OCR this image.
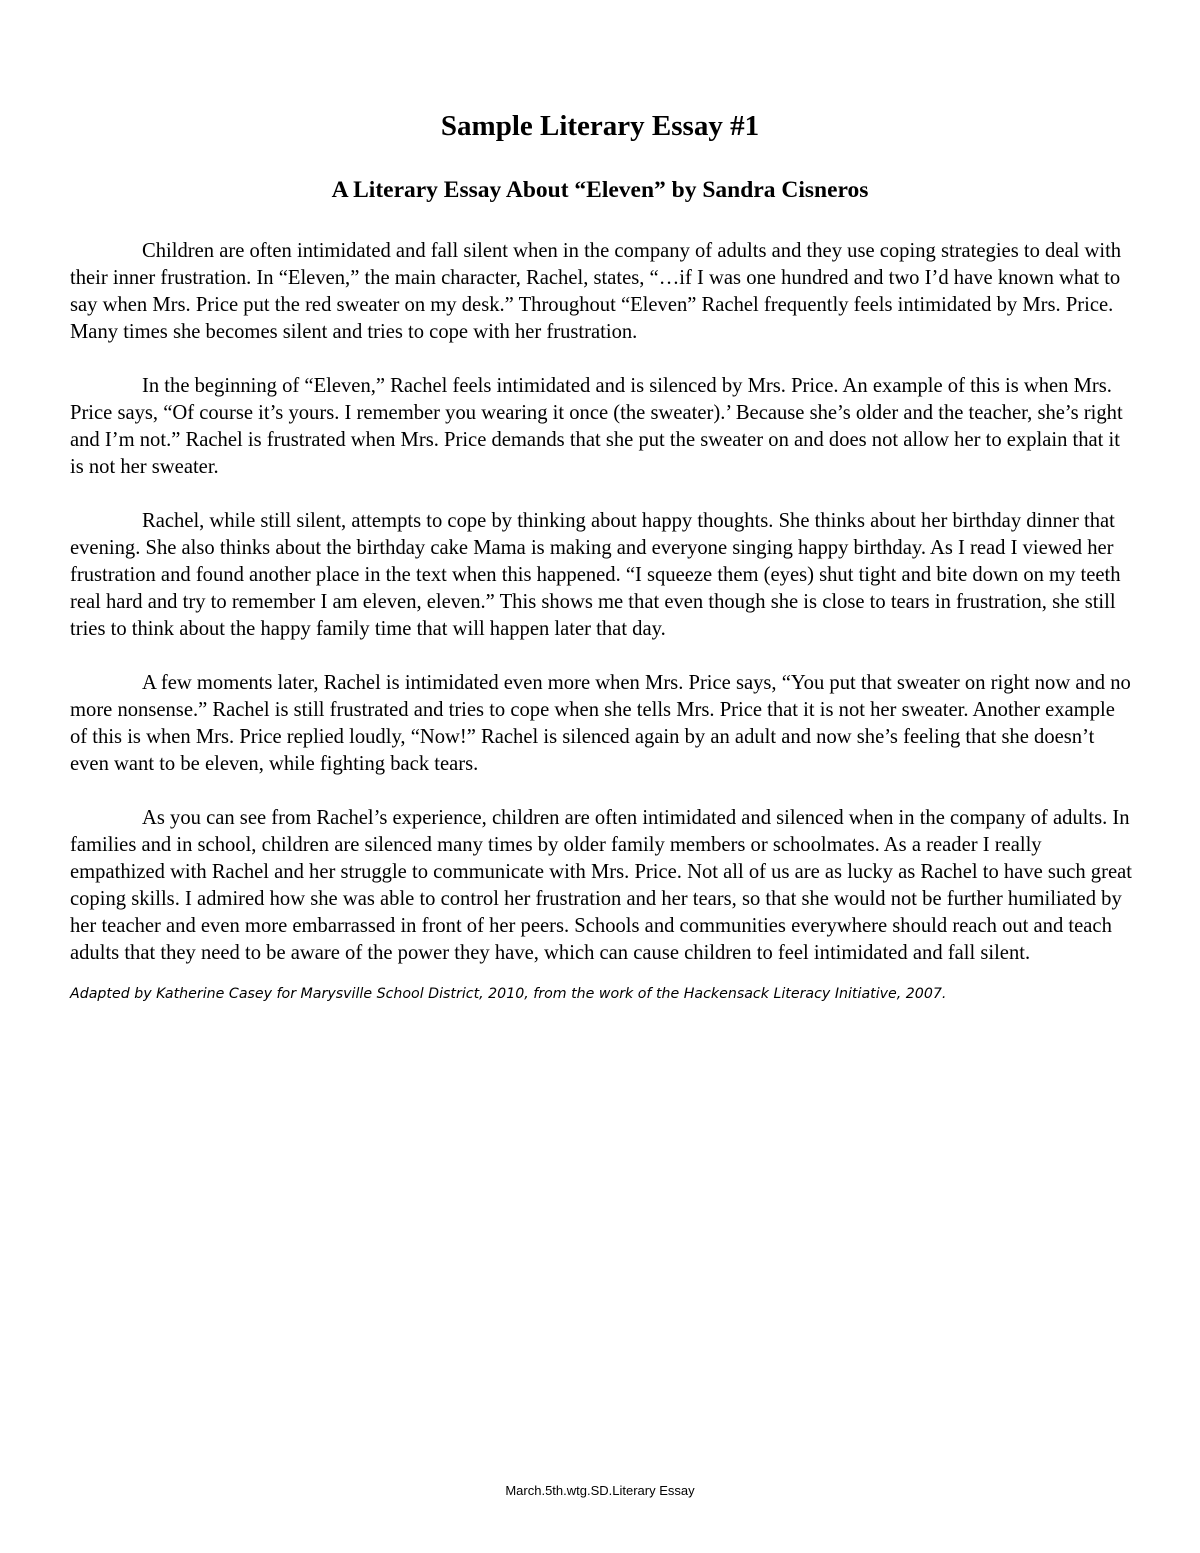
Sample Literary Essay #1
A Literary Essay About “Eleven” by Sandra Cisneros

Children are often intimidated and fall silent when in the company of adults and they use coping strategies to deal with their inner frustration. In “Eleven,” the main character, Rachel, states, “…if I was one hundred and two I’d have known what to say when Mrs. Price put the red sweater on my desk.” Throughout “Eleven” Rachel frequently feels intimidated by Mrs. Price. Many times she becomes silent and tries to cope with her frustration.

In the beginning of “Eleven,” Rachel feels intimidated and is silenced by Mrs. Price. An example of this is when Mrs. Price says, “Of course it’s yours. I remember you wearing it once (the sweater).’ Because she’s older and the teacher, she’s right and I’m not.” Rachel is frustrated when Mrs. Price demands that she put the sweater on and does not allow her to explain that it is not her sweater.

Rachel, while still silent, attempts to cope by thinking about happy thoughts. She thinks about her birthday dinner that evening. She also thinks about the birthday cake Mama is making and everyone singing happy birthday. As I read I viewed her frustration and found another place in the text when this happened. “I squeeze them (eyes) shut tight and bite down on my teeth real hard and try to remember I am eleven, eleven.” This shows me that even though she is close to tears in frustration, she still tries to think about the happy family time that will happen later that day.

A few moments later, Rachel is intimidated even more when Mrs. Price says, “You put that sweater on right now and no more nonsense.” Rachel is still frustrated and tries to cope when she tells Mrs. Price that it is not her sweater. Another example of this is when Mrs. Price replied loudly, “Now!” Rachel is silenced again by an adult and now she’s feeling that she doesn’t even want to be eleven, while fighting back tears.

As you can see from Rachel’s experience, children are often intimidated and silenced when in the company of adults. In families and in school, children are silenced many times by older family members or schoolmates. As a reader I really empathized with Rachel and her struggle to communicate with Mrs. Price. Not all of us are as lucky as Rachel to have such great coping skills. I admired how she was able to control her frustration and her tears, so that she would not be further humiliated by her teacher and even more embarrassed in front of her peers. Schools and communities everywhere should reach out and teach adults that they need to be aware of the power they have, which can cause children to feel intimidated and fall silent.

Adapted by Katherine Casey for Marysville School District, 2010, from the work of the Hackensack Literacy Initiative, 2007.

March.5th.wtg.SD.Literary Essay
